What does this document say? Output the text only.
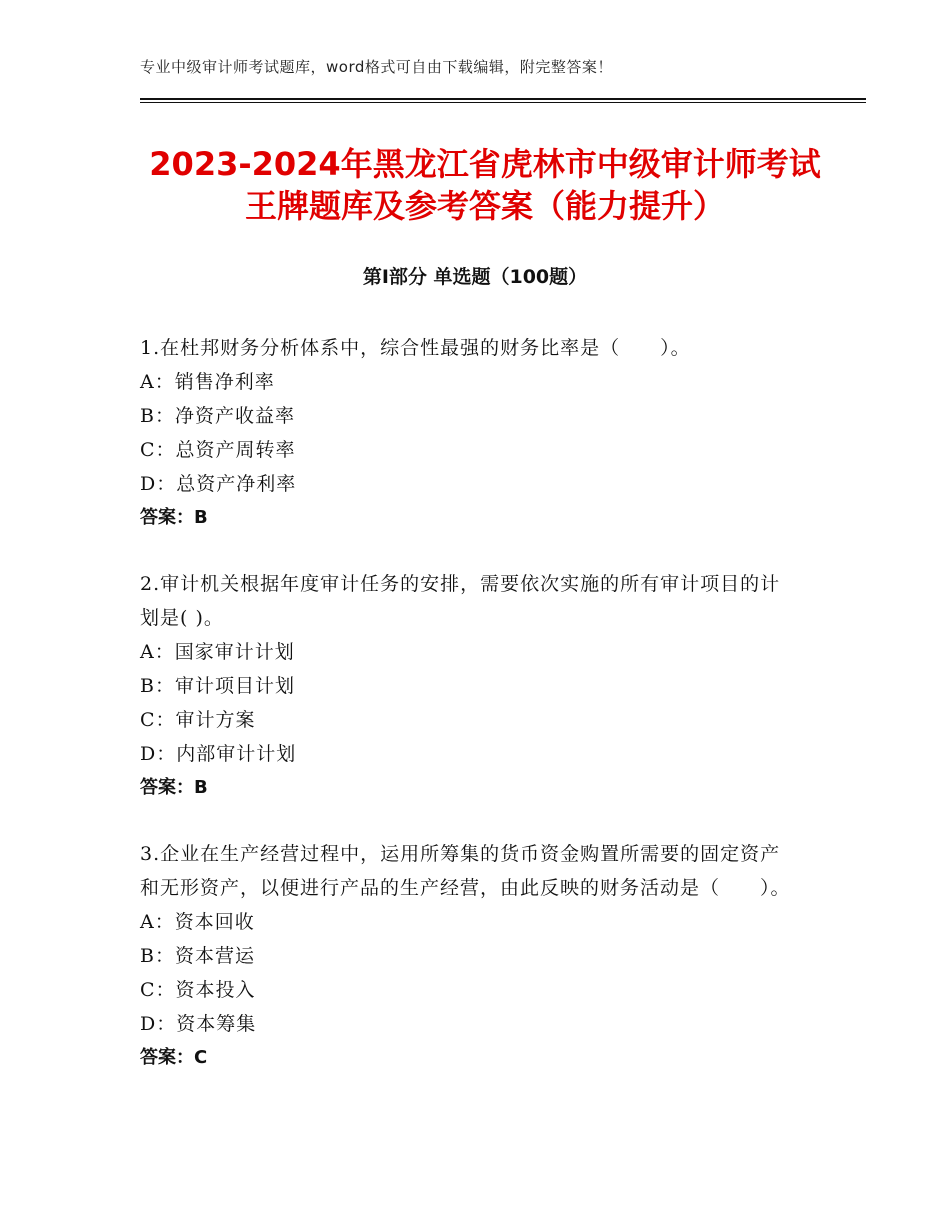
专业中级审计师考试题库，word格式可自由下载编辑，附完整答案！
2023-2024年黑龙江省虎林市中级审计师考试王牌题库及参考答案（能力提升）
第Ⅰ部分 单选题（100题）
1.在杜邦财务分析体系中，综合性最强的财务比率是（　　）。
A：销售净利率
B：净资产收益率
C：总资产周转率
D：总资产净利率
答案：B
2.审计机关根据年度审计任务的安排，需要依次实施的所有审计项目的计划是( )。
A：国家审计计划
B：审计项目计划
C：审计方案
D：内部审计计划
答案：B
3.企业在生产经营过程中，运用所筹集的货币资金购置所需要的固定资产和无形资产，以便进行产品的生产经营，由此反映的财务活动是（　　）。
A：资本回收
B：资本营运
C：资本投入
D：资本筹集
答案：C
